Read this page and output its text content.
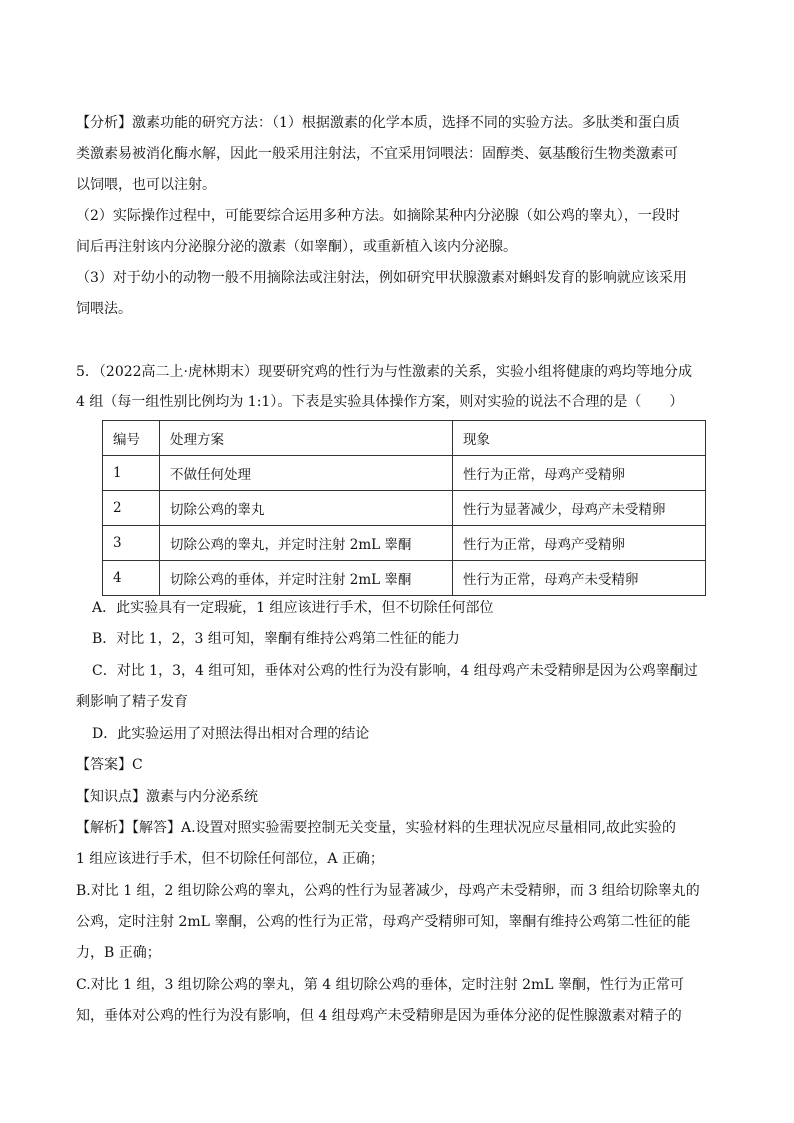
【分析】激素功能的研究方法：（1）根据激素的化学本质，选择不同的实验方法。多肽类和蛋白质
类激素易被消化酶水解，因此一般采用注射法，不宜采用饲喂法：固醇类、氨基酸衍生物类激素可
以饲喂，也可以注射。
（2）实际操作过程中，可能要综合运用多种方法。如摘除某种内分泌腺（如公鸡的睾丸），一段时
间后再注射该内分泌腺分泌的激素（如睾酮），或重新植入该内分泌腺。
（3）对于幼小的动物一般不用摘除法或注射法，例如研究甲状腺激素对蝌蚪发育的影响就应该采用
饲喂法。
5．（2022高二上·虎林期末）现要研究鸡的性行为与性激素的关系，实验小组将健康的鸡均等地分成
4 组（每一组性别比例均为 1:1）。下表是实验具体操作方案，则对实验的说法不合理的是（　　）
编号	处理方案	现象
1	不做任何处理	性行为正常，母鸡产受精卵
2	切除公鸡的睾丸	性行为显著减少，母鸡产未受精卵
3	切除公鸡的睾丸，并定时注射 2mL 睾酮	性行为正常，母鸡产受精卵
4	切除公鸡的垂体，并定时注射 2mL 睾酮	性行为正常，母鸡产未受精卵
A．此实验具有一定瑕疵，1 组应该进行手术，但不切除任何部位
B．对比 1，2，3 组可知，睾酮有维持公鸡第二性征的能力
C．对比 1，3，4 组可知，垂体对公鸡的性行为没有影响，4 组母鸡产未受精卵是因为公鸡睾酮过
剩影响了精子发育
D．此实验运用了对照法得出相对合理的结论
【答案】C
【知识点】激素与内分泌系统
【解析】【解答】A.设置对照实验需要控制无关变量，实验材料的生理状况应尽量相同,故此实验的
1 组应该进行手术，但不切除任何部位，A 正确；
B.对比 1 组，2 组切除公鸡的睾丸，公鸡的性行为显著减少，母鸡产未受精卵，而 3 组给切除睾丸的
公鸡，定时注射 2mL 睾酮，公鸡的性行为正常，母鸡产受精卵可知，睾酮有维持公鸡第二性征的能
力，B 正确；
C.对比 1 组，3 组切除公鸡的睾丸，第 4 组切除公鸡的垂体，定时注射 2mL 睾酮，性行为正常可
知，垂体对公鸡的性行为没有影响，但 4 组母鸡产未受精卵是因为垂体分泌的促性腺激素对精子的
